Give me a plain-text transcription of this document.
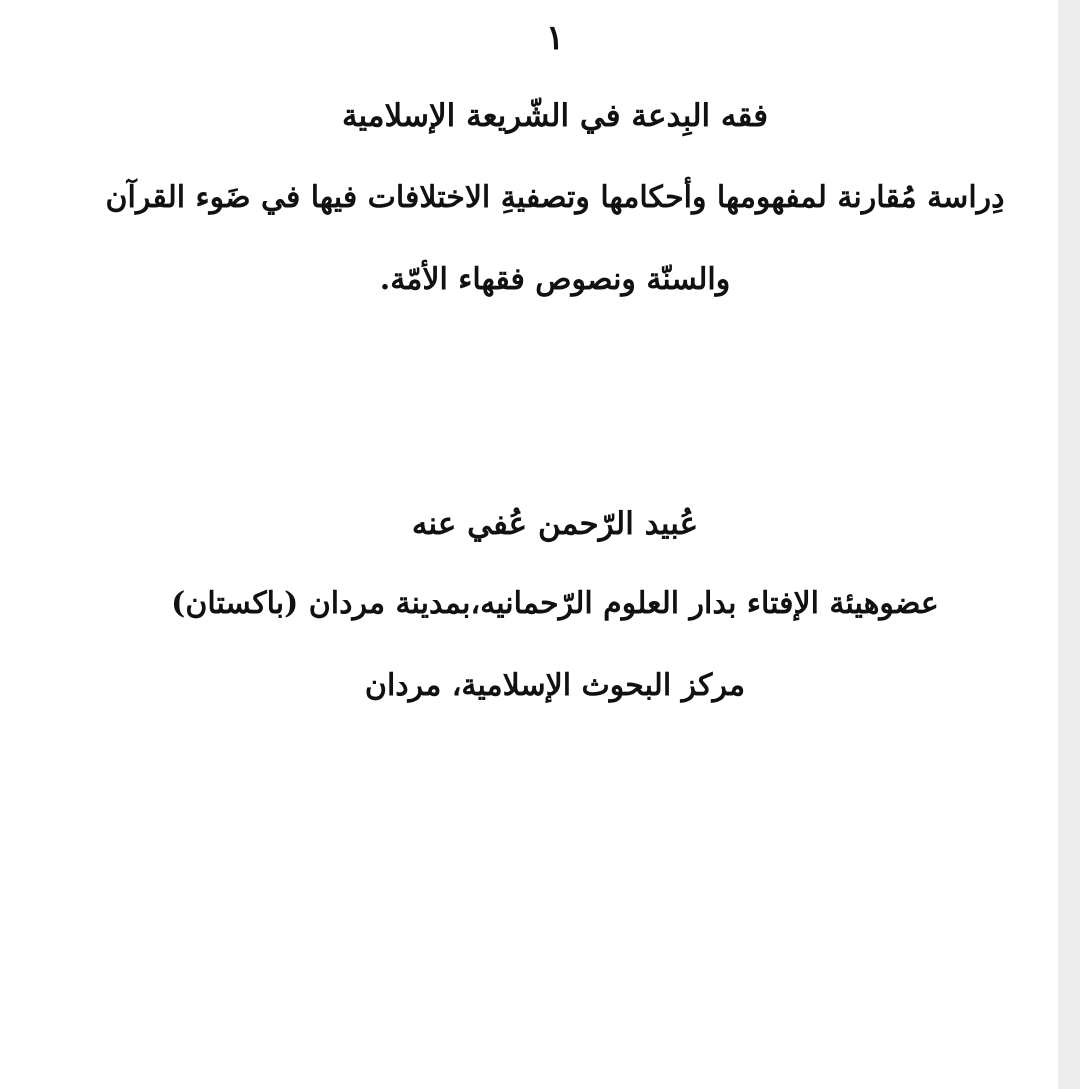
١
فقه البِدعة في الشّريعة الإسلامية
دِراسة مُقارنة لمفهومها وأحكامها وتصفيةِ الاختلافات فيها في ضَوء القرآن
والسنّة ونصوص فقهاء الأمّة.
عُبيد الرّحمن عُفي عنه
عضوهيئة الإفتاء بدار العلوم الرّحمانيه،بمدينة مردان (باكستان)
مركز البحوث الإسلامية، مردان
